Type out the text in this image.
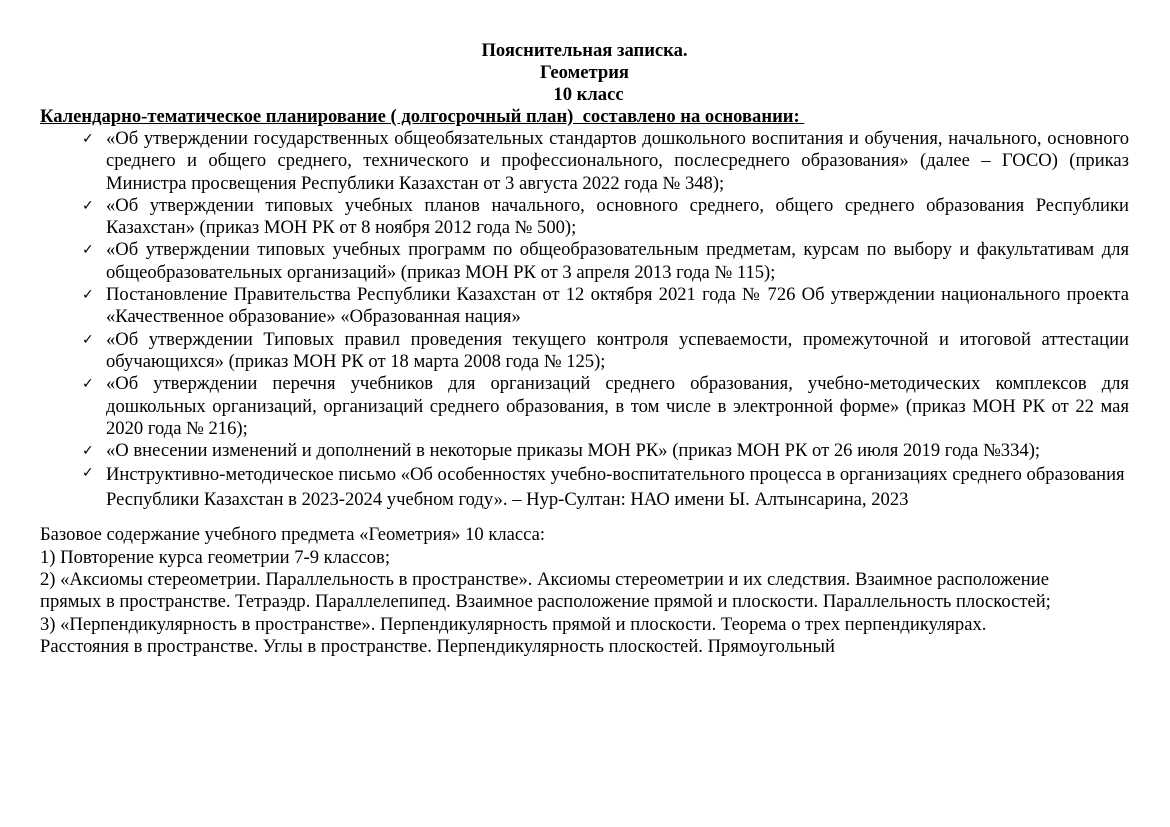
Пояснительная записка.
Геометрия
10 класс
Календарно-тематическое планирование ( долгосрочный план)  составлено на основании:
✓ «Об утверждении государственных общеобязательных стандартов дошкольного воспитания и обучения, начального, основного среднего и общего среднего, технического и профессионального, послесреднего образования» (далее – ГОСО) (приказ Министра просвещения Республики Казахстан от 3 августа 2022 года № 348);
✓ «Об утверждении типовых учебных планов начального, основного среднего, общего среднего образования Республики Казахстан» (приказ МОН РК от 8 ноября 2012 года № 500);
✓ «Об утверждении типовых учебных программ по общеобразовательным предметам, курсам по выбору и факультативам для общеобразовательных организаций» (приказ МОН РК от 3 апреля 2013 года № 115);
✓ Постановление Правительства Республики Казахстан от 12 октября 2021 года № 726 Об утверждении национального проекта «Качественное образование» «Образованная нация»
✓ «Об утверждении Типовых правил проведения текущего контроля успеваемости, промежуточной и итоговой аттестации обучающихся» (приказ МОН РК от 18 марта 2008 года № 125);
✓ «Об утверждении перечня учебников для организаций среднего образования, учебно-методических комплексов для дошкольных организаций, организаций среднего образования, в том числе в электронной форме» (приказ МОН РК от 22 мая 2020 года № 216);
✓ «О внесении изменений и дополнений в некоторые приказы МОН РК» (приказ МОН РК от 26 июля 2019 года №334);
✓ Инструктивно-методическое письмо «Об особенностях учебно-воспитательного процесса в организациях среднего образования Республики Казахстан в 2023-2024 учебном году». – Нур-Султан: НАО имени Ы. Алтынсарина, 2023
Базовое содержание учебного предмета «Геометрия» 10 класса:
1) Повторение курса геометрии 7-9 классов;
2) «Аксиомы стереометрии. Параллельность в пространстве». Аксиомы стереометрии и их следствия. Взаимное расположение
прямых в пространстве. Тетраэдр. Параллелепипед. Взаимное расположение прямой и плоскости. Параллельность плоскостей;
3) «Перпендикулярность в пространстве». Перпендикулярность прямой и плоскости. Теорема о трех перпендикулярах.
Расстояния в пространстве. Углы в пространстве. Перпендикулярность плоскостей. Прямоугольный
